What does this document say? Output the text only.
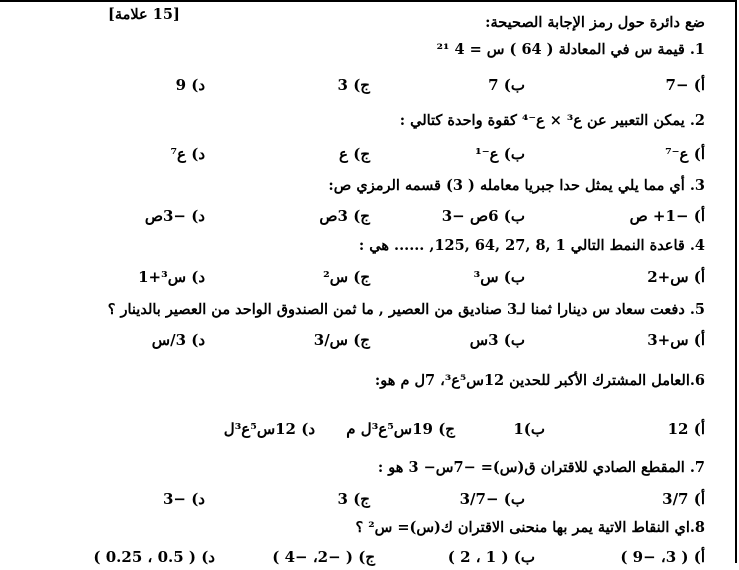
ضع دائرة حول رمز الإجابة الصحيحة:
[15 علامة]
1. قيمة س في المعادلة ( 64 ) س = 4 ²¹
أ) −7
ب) 7
ج) 3
د) 9
2. يمكن التعبير عن ع³ × ع⁻⁴ كقوة واحدة كتالي :
أ) ع⁻⁷
ب) ع⁻¹
ج) ع
د) ع⁷
3. أي مما يلي يمثل حدا جبريا معامله ( 3) قسمه الرمزي ص:
أ) −1+ ص
ب) 6ص −3
ج) 3ص
د) −3ص
4. قاعدة النمط التالي 1 ,8 ,27 ,64 ,125, ...... هي :
أ) س+2
ب) س³
ج) س²
د) س³+1
5. دفعت سعاد س دينارا ثمنا لـ3 صناديق من العصير , ما ثمن الصندوق الواحد من العصير بالدينار ؟
أ) س+3
ب) 3س
ج) س/3
د) 3/س
6.العامل المشترك الأكبر للحدين 12س⁵ع³، 7ل م هو:
أ) 12
ب)1
ج) 19س⁵ع³ل م
د) 12س⁵ع³ل
7. المقطع الصادي للاقتران ق(س)= −7س− 3 هو :
أ) 3/7
ب) −3/7
ج) 3
د) −3
8.اي النقاط الاتية يمر بها منحنى الاقتران ك(س)= س² ؟
أ) ( 3، −9 )
ب) ( 1 ، 2 )
ج) ( −2، −4 )
د) ( 0.5 ، 0.25 )
